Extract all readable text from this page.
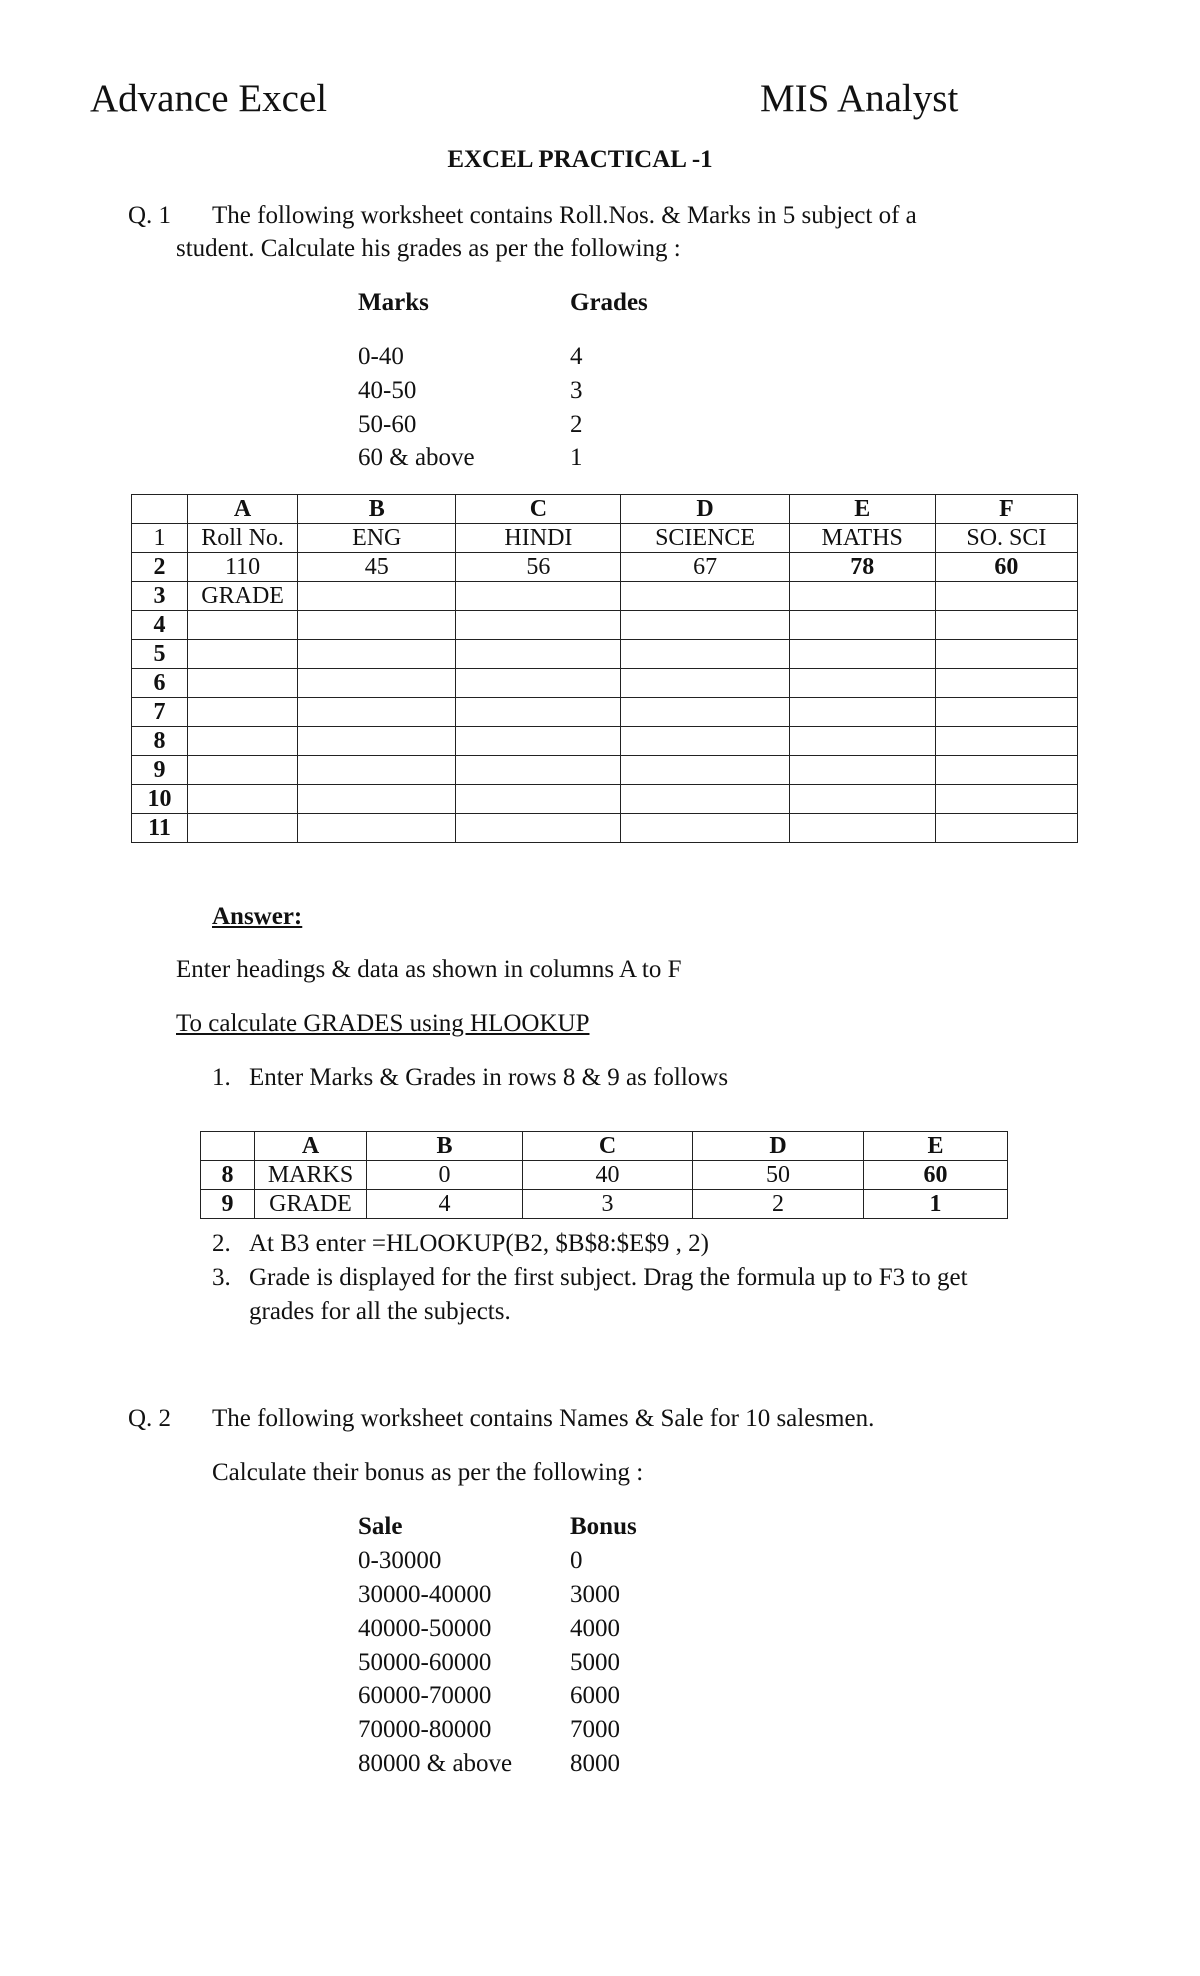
Advance Excel	MIS Analyst
EXCEL PRACTICAL -1
Q. 1 The following worksheet contains Roll.Nos. & Marks in 5 subject of a
student. Calculate his grades as per the following :
Marks	Grades
0-40	4
40-50	3
50-60	2
60 & above	1
	A	B	C	D	E	F
1	Roll No.	ENG	HINDI	SCIENCE	MATHS	SO. SCI
2	110	45	56	67	78	60
3	GRADE					
4						
5						
6						
7						
8						
9						
10						
11						
Answer:
Enter headings & data as shown in columns A to F
To calculate GRADES using HLOOKUP
1. Enter Marks & Grades in rows 8 & 9 as follows
	A	B	C	D	E
8	MARKS	0	40	50	60
9	GRADE	4	3	2	1
2. At B3 enter =HLOOKUP(B2, $B$8:$E$9 , 2)
3. Grade is displayed for the first subject. Drag the formula up to F3 to get
grades for all the subjects.
Q. 2 The following worksheet contains Names & Sale for 10 salesmen.
Calculate their bonus as per the following :
Sale	Bonus
0-30000	0
30000-40000	3000
40000-50000	4000
50000-60000	5000
60000-70000	6000
70000-80000	7000
80000 & above 8000
